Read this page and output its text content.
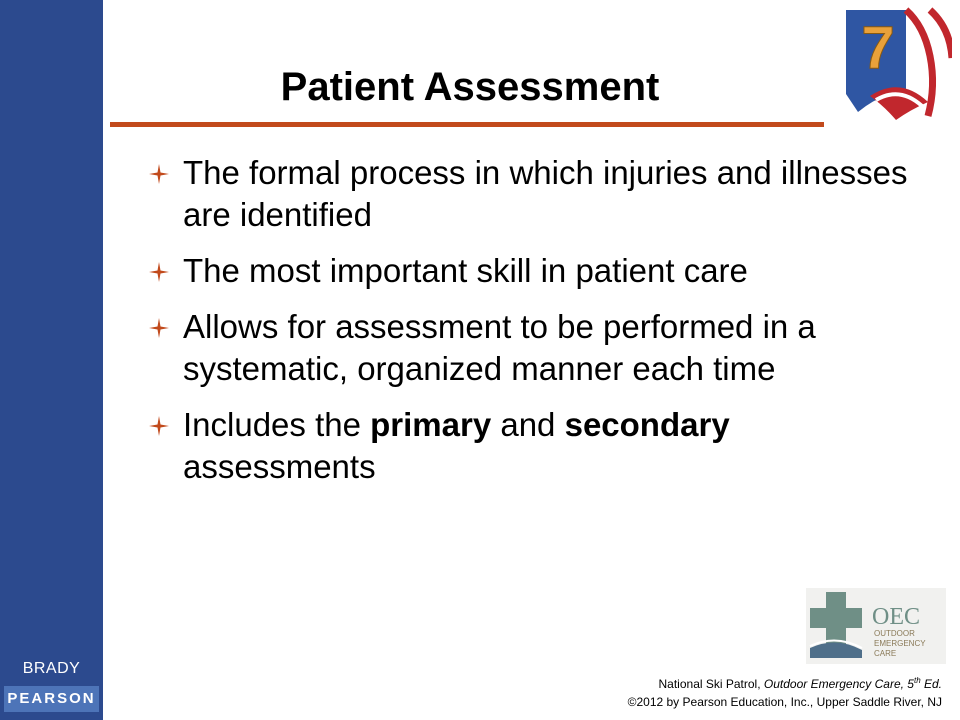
BRADY
PEARSON
7
Patient Assessment
The formal process in which injuries and illnesses are identified
The most important skill in patient care
Allows for assessment to be performed in a systematic, organized manner each time
Includes the primary and secondary assessments
OEC
OUTDOOR
EMERGENCY
CARE
National Ski Patrol, Outdoor Emergency Care, 5th Ed.
©2012 by Pearson Education, Inc., Upper Saddle River, NJ
